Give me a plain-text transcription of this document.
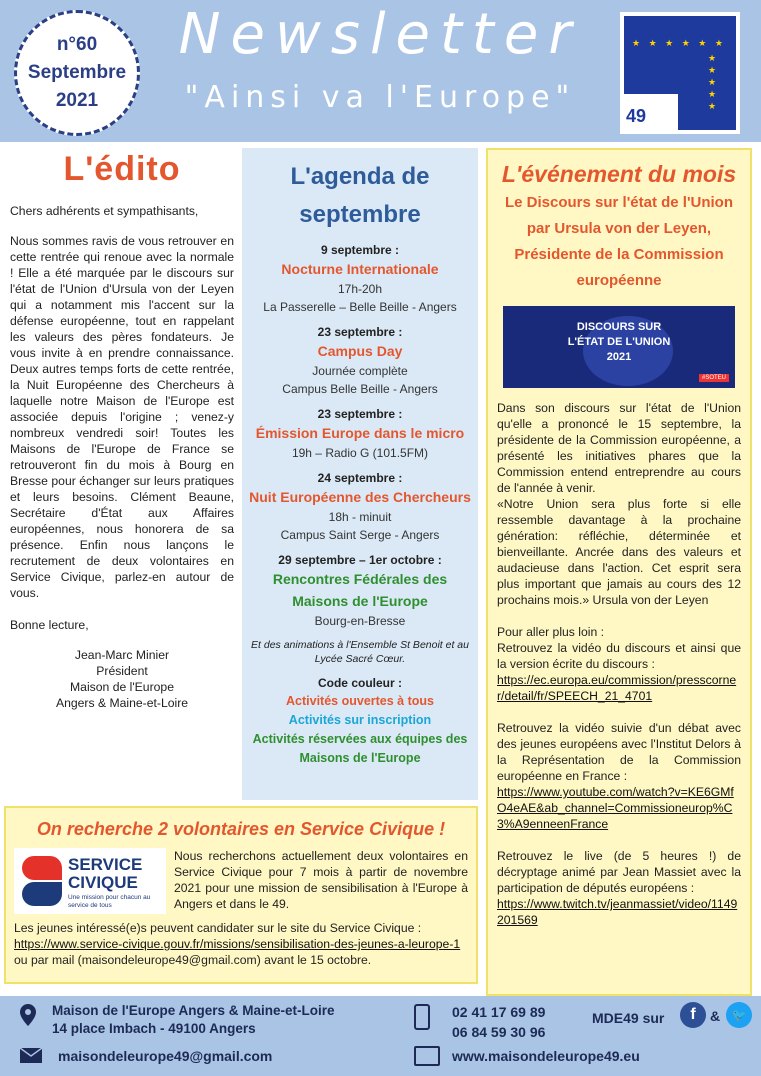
n°60
Septembre
2021
Newsletter
"Ainsi va l'Europe"
★ ★ ★ ★ ★ ★
★
★
★
★
★
49
L'édito

Chers adhérents et sympathisants,

Nous sommes ravis de vous retrouver en cette rentrée qui renoue avec la normale ! Elle a été marquée par le discours sur l'état de l'Union d'Ursula von der Leyen qui a notamment mis l'accent sur la défense européenne, tout en rappelant les valeurs des pères fondateurs. Je vous invite à en prendre connaissance. Deux autres temps forts de cette rentrée, la Nuit Européenne des Chercheurs à laquelle notre Maison de l'Europe est associée depuis l'origine ; venez-y nombreux vendredi soir! Toutes les Maisons de l'Europe de France se retrouveront fin du mois à Bourg en Bresse pour échanger sur leurs pratiques et leurs besoins. Clément Beaune, Secrétaire d'État aux Affaires européennes, nous honorera de sa présence. Enfin nous lançons le recrutement de deux volontaires en Service Civique, parlez-en autour de vous.

Bonne lecture,

Jean-Marc Minier
Président
Maison de l'Europe
Angers & Maine-et-Loire
L'agenda de
septembre
9 septembre :
Nocturne Internationale
17h-20h
La Passerelle – Belle Beille - Angers
23 septembre :
Campus Day
Journée complète
Campus Belle Beille - Angers
23 septembre :
Émission Europe dans le micro
19h – Radio G (101.5FM)
24 septembre :
Nuit Européenne des Chercheurs
18h - minuit
Campus Saint Serge - Angers
29 septembre – 1er octobre :
Rencontres Fédérales des Maisons de l'Europe
Bourg-en-Bresse
Et des animations à l'Ensemble St Benoit et au Lycée Sacré Cœur.
Code couleur :
Activités ouvertes à tous
Activités sur inscription
Activités réservées aux équipes des Maisons de l'Europe
L'événement du mois
Le Discours sur l'état de l'Union par Ursula von der Leyen, Présidente de la Commission européenne
DISCOURS SUR
L'ÉTAT DE L'UNION
2021
#SOTEU

Dans son discours sur l'état de l'Union qu'elle a prononcé le 15 septembre, la présidente de la Commission européenne, a présenté les initiatives phares que la Commission entend entreprendre au cours de l'année à venir.

«Notre Union sera plus forte si elle ressemble davantage à la prochaine génération: réfléchie, déterminée et bienveillante. Ancrée dans des valeurs et audacieuse dans l'action. Cet esprit sera plus important que jamais au cours des 12 prochains mois.» Ursula von der Leyen

Pour aller plus loin :

Retrouvez la vidéo du discours et ainsi que la version écrite du discours :

https://ec.europa.eu/commission/presscorner/detail/fr/SPEECH_21_4701

Retrouvez la vidéo suivie d'un débat avec des jeunes européens avec l'Institut Delors à la Représentation de la Commission européenne en France :

https://www.youtube.com/watch?v=KE6GMfO4eAE&ab_channel=Commissioneurop%C3%A9enneenFrance

Retrouvez le live (de 5 heures !) de décryptage animé par Jean Massiet avec la participation de députés européens :

https://www.twitch.tv/jeanmassiet/video/1149201569

On recherche 2 volontaires en Service Civique !
SERVICE
CIVIQUE
Une mission pour chacun au service de tous

Nous recherchons actuellement deux volontaires en Service Civique pour 7 mois à partir de novembre 2021 pour une mission de sensibilisation à l'Europe à Angers et dans le 49.

Les jeunes intéressé(e)s peuvent candidater sur le site du Service Civique :
https://www.service-civique.gouv.fr/missions/sensibilisation-des-jeunes-a-leurope-1 ou par mail (maisondeleurope49@gmail.com) avant le 15 octobre.

Maison de l'Europe Angers & Maine-et-Loire
14 place Imbach - 49100 Angers
02 41 17 69 89
06 84 59 30 96
MDE49 sur	f	& 🐦
maisondeleurope49@gmail.com	www.maisondeleurope49.eu
